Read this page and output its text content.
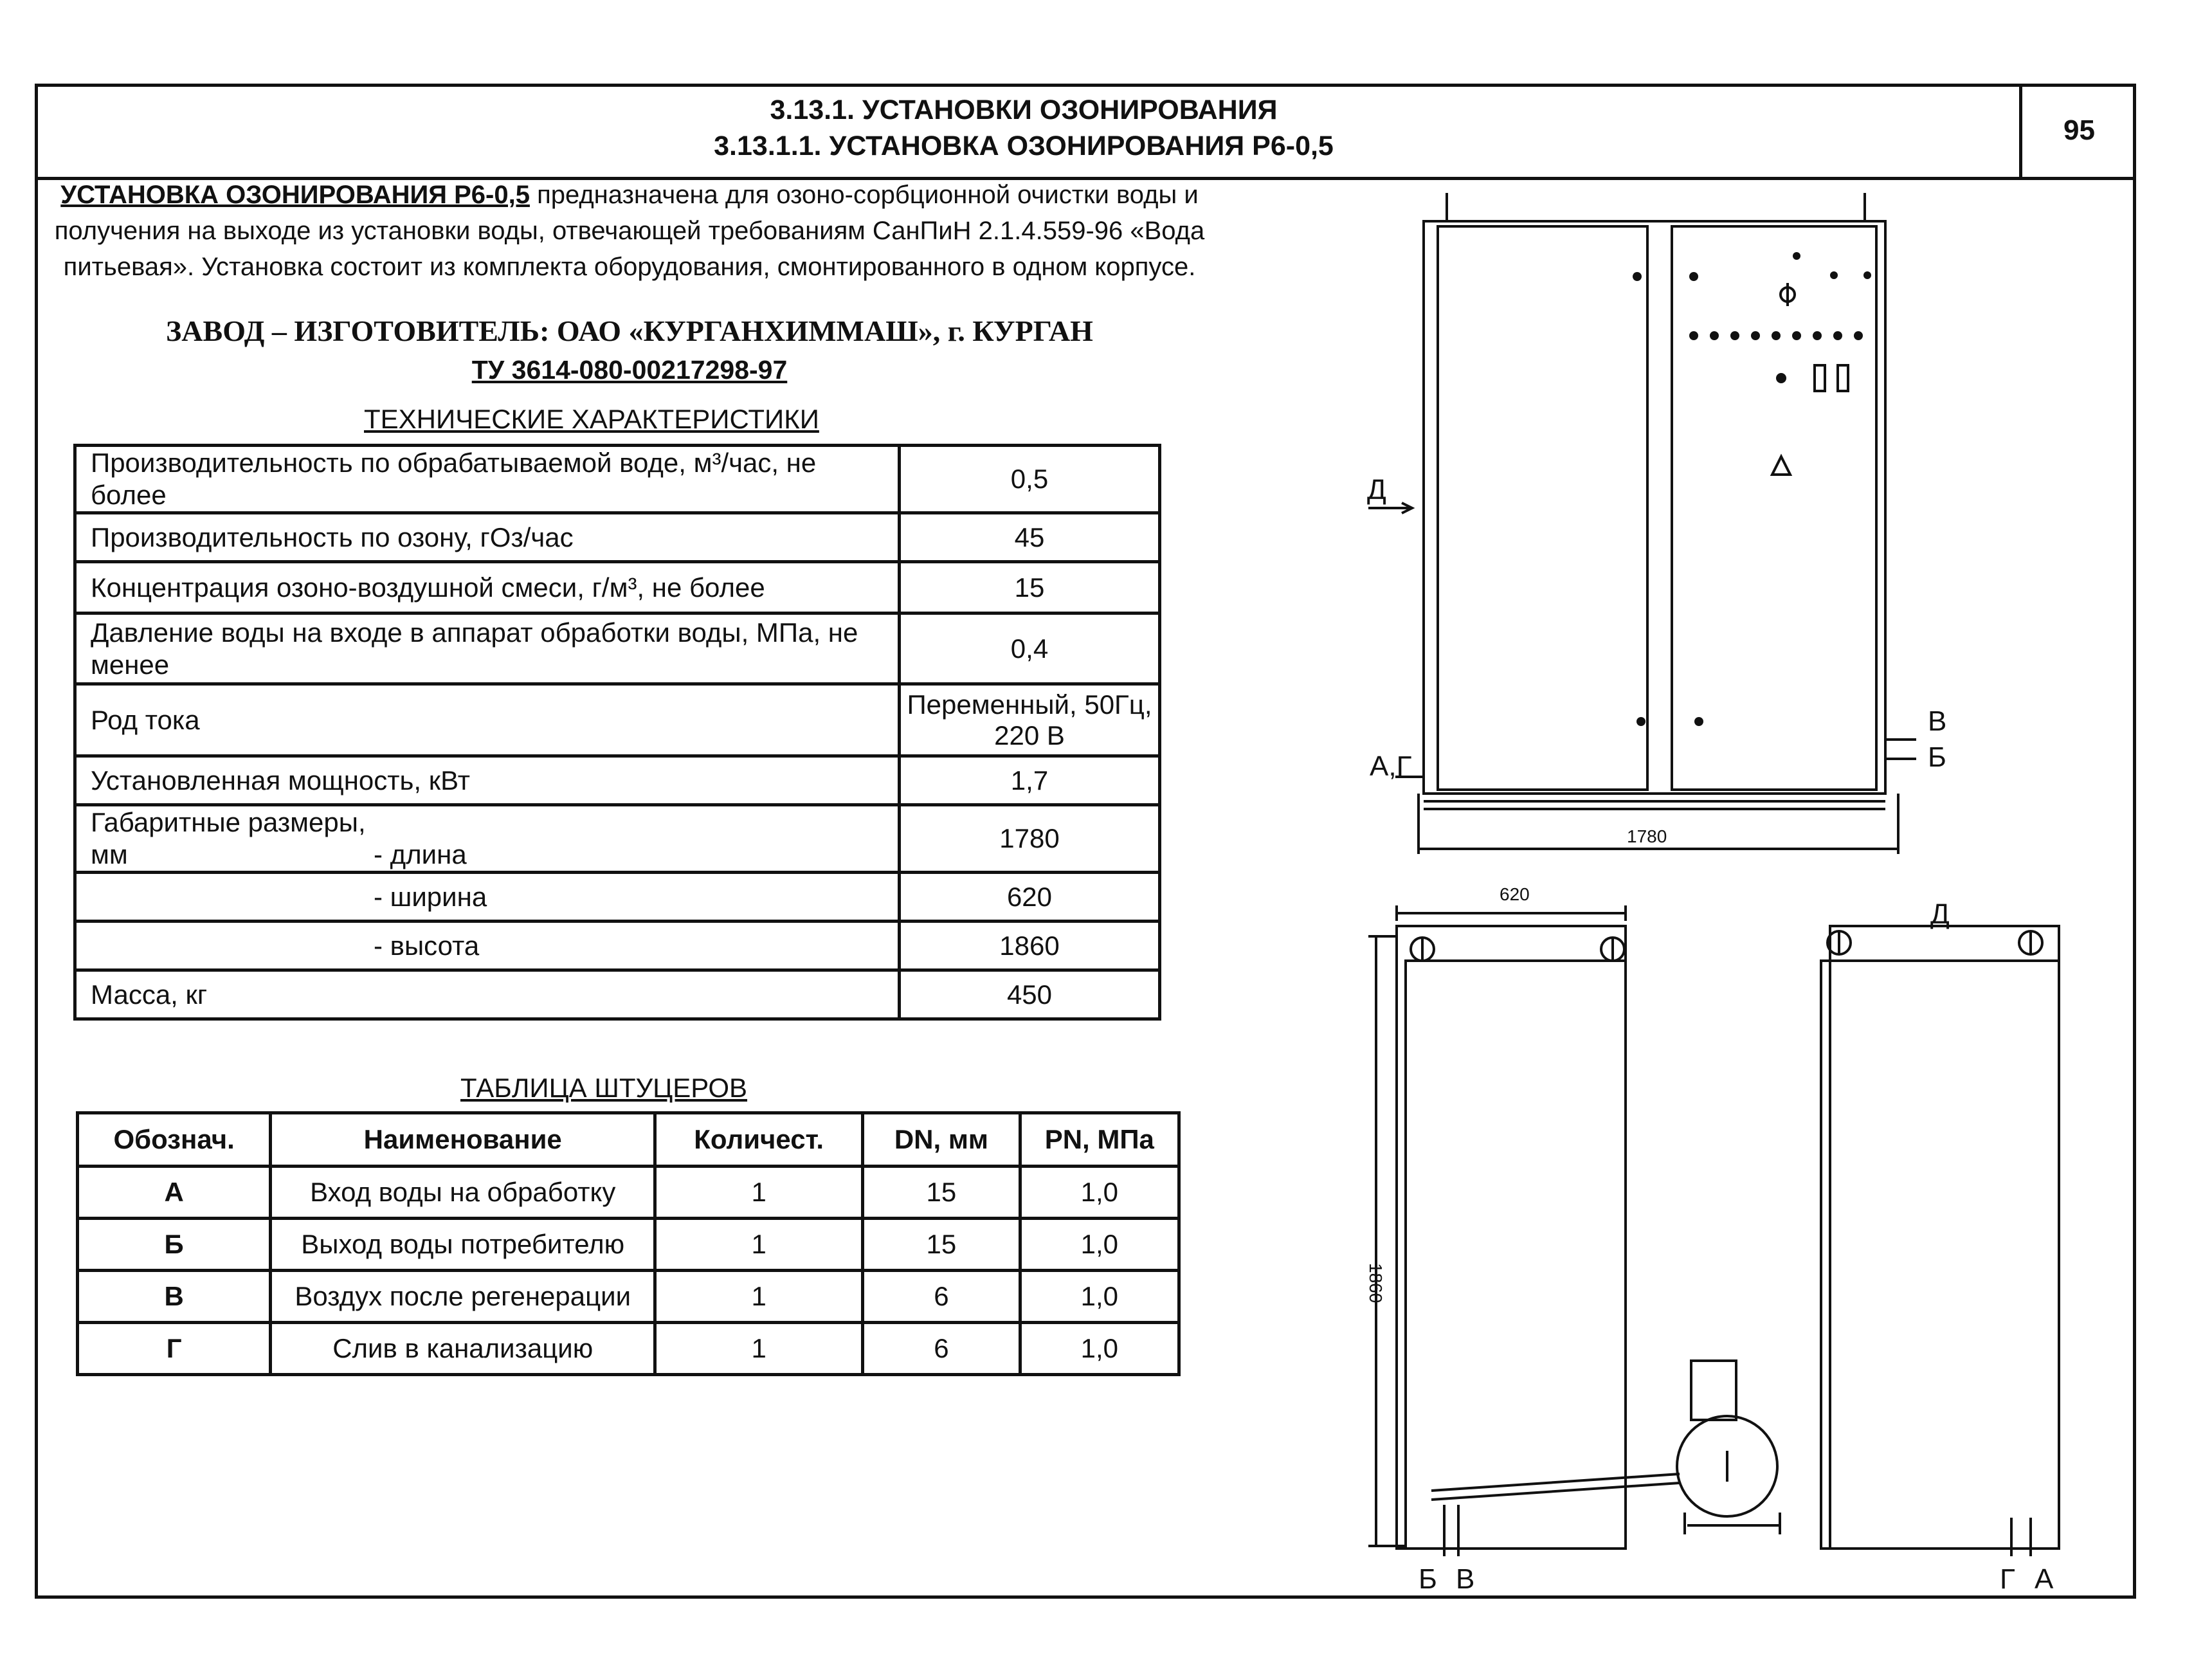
3.13.1. УСТАНОВКИ ОЗОНИРОВАНИЯ
3.13.1.1. УСТАНОВКА ОЗОНИРОВАНИЯ Р6-0,5	95
УСТАНОВКА ОЗОНИРОВАНИЯ Р6-0,5 предназначена для озоно-сорбционной очистки воды и получения на выходе из установки воды, отвечающей требованиям СанПиН 2.1.4.559-96 «Вода питьевая». Установка состоит из комплекта оборудования, смонтированного в одном корпусе.
ЗАВОД – ИЗГОТОВИТЕЛЬ: ОАО «КУРГАНХИММАШ», г. КУРГАН
ТУ 3614-080-00217298-97
ТЕХНИЧЕСКИЕ ХАРАКТЕРИСТИКИ
Производительность по обрабатываемой воде, м³/час, не более	0,5
Производительность по озону, гОз/час	45
Концентрация озоно-воздушной смеси, г/м³, не более	15
Давление воды на входе в аппарат обработки воды, МПа, не менее	0,4
Род тока	Переменный, 50Гц, 220 В
Установленная мощность, кВт	1,7
Габаритные размеры, мм - длина	1780
- ширина	620
- высота	1860
Масса, кг	450
ТАБЛИЦА ШТУЦЕРОВ
Обознач.	Наименование	Количест.	DN, мм	PN, МПа
А	Вход воды на обработку	1	15	1,0
Б	Выход воды потребителю	1	15	1,0
В	Воздух после регенерации	1	6	1,0
Г	Слив в канализацию	1	6	1,0
Д
А,Г
В
Б
1780
620
1860
Б В	Г А
Д
